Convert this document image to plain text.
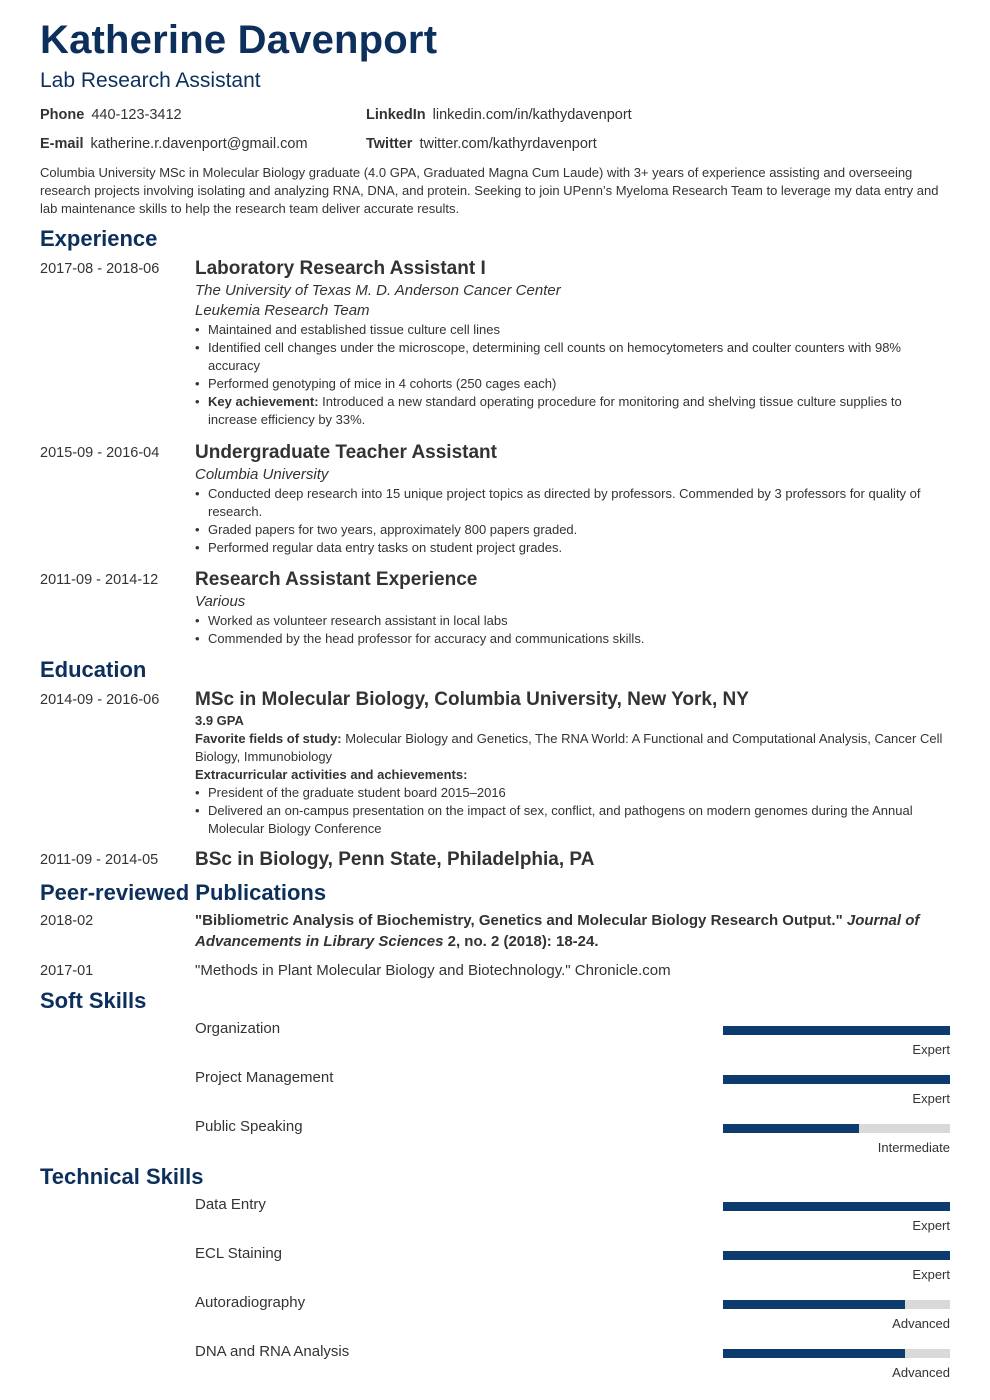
Katherine Davenport
Lab Research Assistant
Phone 440-123-3412
E-mail katherine.r.davenport@gmail.com
LinkedIn linkedin.com/in/kathydavenport
Twitter twitter.com/kathyrdavenport
Columbia University MSc in Molecular Biology graduate (4.0 GPA, Graduated Magna Cum Laude) with 3+ years of experience assisting and overseeing research projects involving isolating and analyzing RNA, DNA, and protein. Seeking to join UPenn’s Myeloma Research Team to leverage my data entry and lab maintenance skills to help the research team deliver accurate results.
Experience
2017-08 - 2018-06 Laboratory Research Assistant I
The University of Texas M. D. Anderson Cancer Center
Leukemia Research Team
• Maintained and established tissue culture cell lines
• Identified cell changes under the microscope, determining cell counts on hemocytometers and coulter counters with 98% accuracy
• Performed genotyping of mice in 4 cohorts (250 cages each)
• Key achievement: Introduced a new standard operating procedure for monitoring and shelving tissue culture supplies to increase efficiency by 33%.
2015-09 - 2016-04 Undergraduate Teacher Assistant
Columbia University
• Conducted deep research into 15 unique project topics as directed by professors. Commended by 3 professors for quality of research.
• Graded papers for two years, approximately 800 papers graded.
• Performed regular data entry tasks on student project grades.
2011-09 - 2014-12 Research Assistant Experience
Various
• Worked as volunteer research assistant in local labs
• Commended by the head professor for accuracy and communications skills.
Education
2014-09 - 2016-06 MSc in Molecular Biology, Columbia University, New York, NY
3.9 GPA
Favorite fields of study: Molecular Biology and Genetics, The RNA World: A Functional and Computational Analysis, Cancer Cell Biology, Immunobiology
Extracurricular activities and achievements:
• President of the graduate student board 2015–2016
• Delivered an on-campus presentation on the impact of sex, conflict, and pathogens on modern genomes during the Annual Molecular Biology Conference
2011-09 - 2014-05 BSc in Biology, Penn State, Philadelphia, PA
Peer-reviewed Publications
2018-02	"Bibliometric Analysis of Biochemistry, Genetics and Molecular Biology Research Output." Journal of Advancements in Library Sciences 2, no. 2 (2018): 18-24.
2017-01	"Methods in Plant Molecular Biology and Biotechnology." Chronicle.com
Soft Skills
Organization
Expert
Project Management
Expert
Public Speaking
Intermediate
Technical Skills
Data Entry
Expert
ECL Staining
Expert
Autoradiography
Advanced
DNA and RNA Analysis
Advanced
